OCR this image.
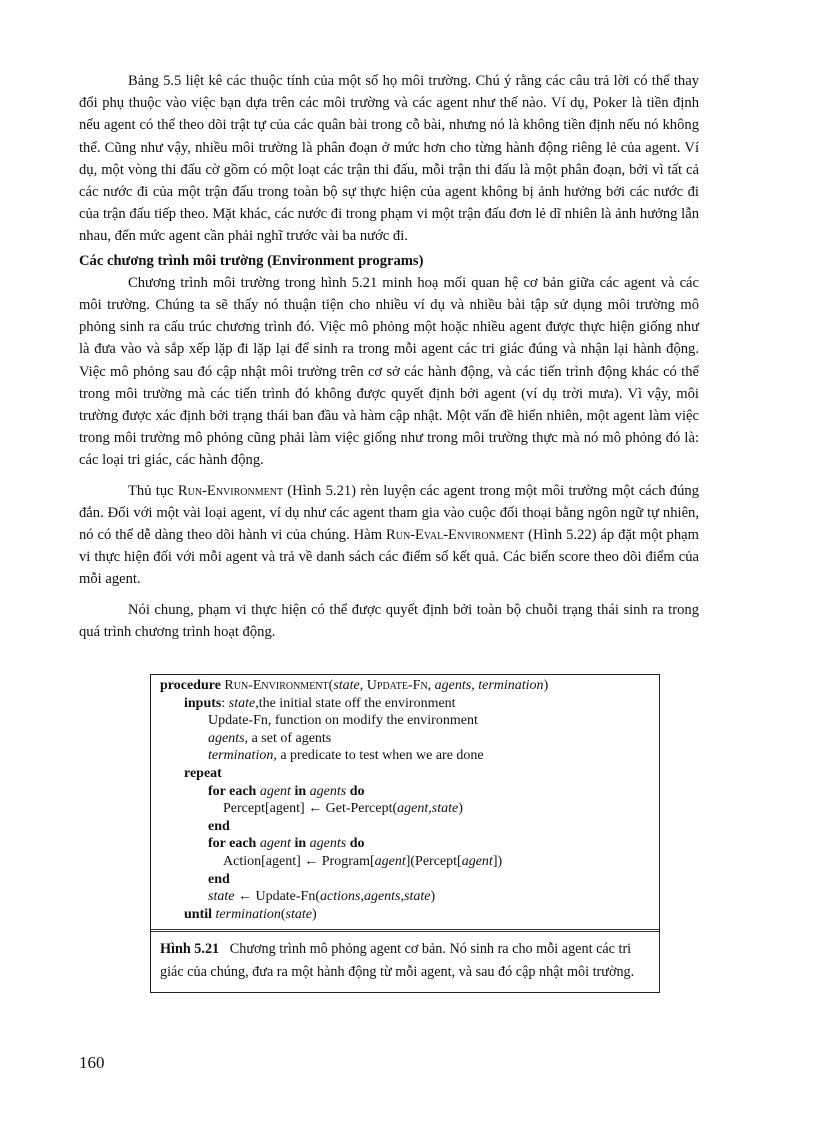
Bảng 5.5 liệt kê các thuộc tính của một số họ môi trường. Chú ý rằng các câu trả lời có thể thay đổi phụ thuộc vào việc bạn dựa trên các môi trường và các agent như thế nào. Ví dụ, Poker là tiền định nếu agent có thể theo dõi trật tự của các quân bài trong cỗ bài, nhưng nó là không tiền định nếu nó không thể. Cũng như vậy, nhiều môi trường là phân đoạn ở mức hơn cho từng hành động riêng lẻ của agent. Ví dụ, một vòng thi đấu cờ gồm có một loạt các trận thi đấu, mỗi trận thi đấu là một phân đoạn, bởi vì tất cả các nước đi của một trận đấu trong toàn bộ sự thực hiện của agent không bị ảnh hưởng bởi các nước đi của trận đấu tiếp theo. Mặt khác, các nước đi trong phạm vi một trận đấu đơn lẻ dĩ nhiên là ảnh hưởng lẫn nhau, đến mức agent cần phải nghĩ trước vài ba nước đi.

Các chương trình môi trường (Environment programs)

Chương trình môi trường trong hình 5.21 minh hoạ mối quan hệ cơ bản giữa các agent và các môi trường. Chúng ta sẽ thấy nó thuận tiện cho nhiều ví dụ và nhiều bài tập sử dụng môi trường mô phỏng sinh ra cấu trúc chương trình đó. Việc mô phỏng một hoặc nhiều agent được thực hiện giống như là đưa vào và sắp xếp lặp đi lặp lại để sinh ra trong mỗi agent các tri giác đúng và nhận lại hành động. Việc mô phỏng sau đó cập nhật môi trường trên cơ sở các hành động, và các tiến trình động khác có thể trong môi trường mà các tiến trình đó không được quyết định bởi agent (ví dụ trời mưa). Vì vậy, môi trường được xác định bởi trạng thái ban đầu và hàm cập nhật. Một vấn đề hiển nhiên, một agent làm việc trong môi trường mô phỏng cũng phải làm việc giống như trong môi trường thực mà nó mô phỏng đó là: các loại tri giác, các hành động.

Thủ tục Run-Environment (Hình 5.21) rèn luyện các agent trong một môi trường một cách đúng đắn. Đối với một vài loại agent, ví dụ như các agent tham gia vào cuộc đối thoại bằng ngôn ngữ tự nhiên, nó có thể dễ dàng theo dõi hành vi của chúng. Hàm Run-Eval-Environment (Hình 5.22) áp đặt một phạm vi thực hiện đối với mỗi agent và trả về danh sách các điểm số kết quả. Các biến score theo dõi điểm của mỗi agent.

Nói chung, phạm vi thực hiện có thể được quyết định bởi toàn bộ chuỗi trạng thái sinh ra trong quá trình chương trình hoạt động.

procedure Run-Environment(state, Update-Fn, agents, termination)
inputs: state,the initial state off the environment
Update-Fn, function on modify the environment
agents, a set of agents
termination, a predicate to test when we are done
repeat
for each agent in agents do
Percept[agent] ← Get-Percept(agent,state)
end
for each agent in agents do
Action[agent] ← Program[agent](Percept[agent])
end
state ← Update-Fn(actions,agents,state)
until termination(state)

Hình 5.21 Chương trình mô phỏng agent cơ bản. Nó sinh ra cho mỗi agent các tri giác của chúng, đưa ra một hành động từ mỗi agent, và sau đó cập nhật môi trường.

160
